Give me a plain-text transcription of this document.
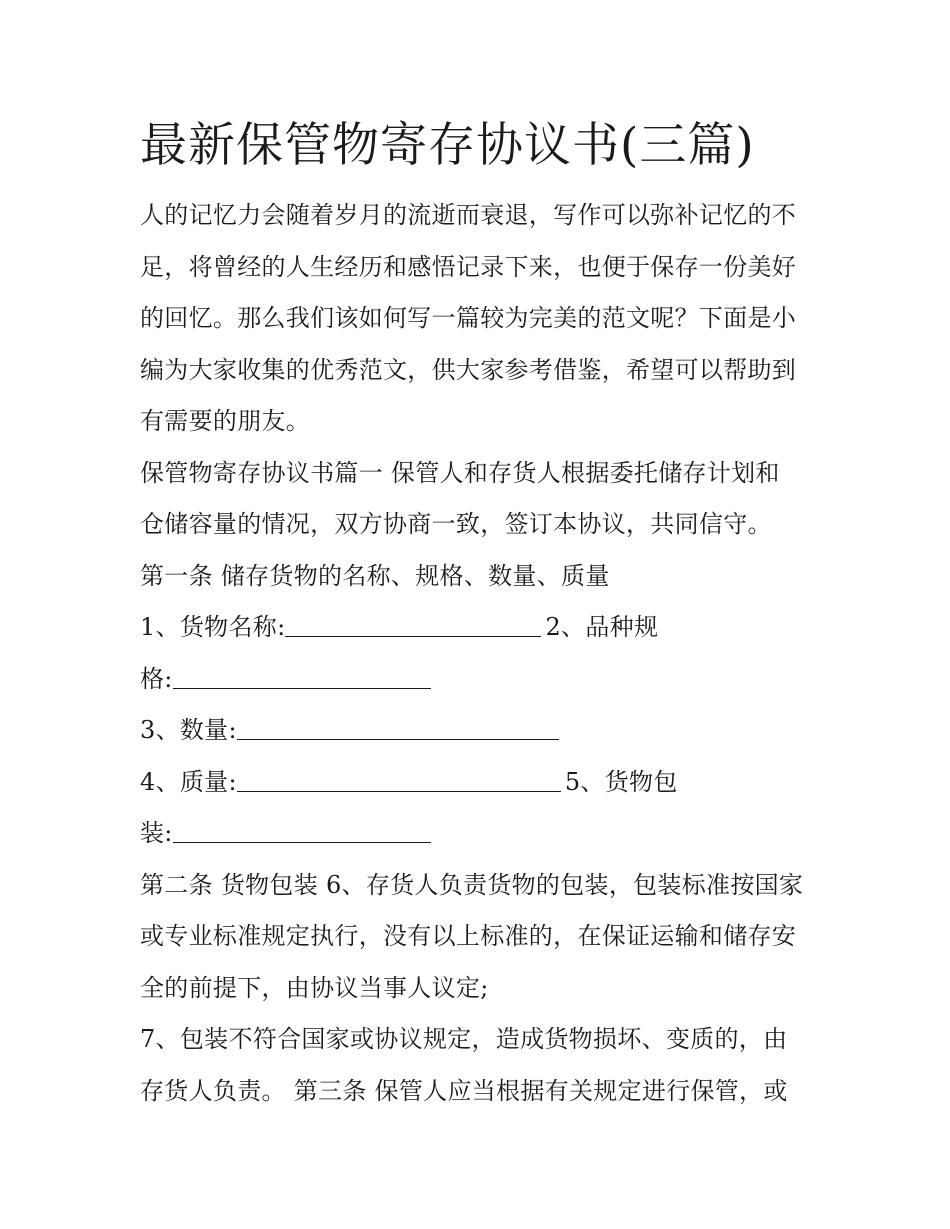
最新保管物寄存协议书(三篇)
人的记忆力会随着岁月的流逝而衰退，写作可以弥补记忆的不
足，将曾经的人生经历和感悟记录下来，也便于保存一份美好
的回忆。那么我们该如何写一篇较为完美的范文呢？下面是小
编为大家收集的优秀范文，供大家参考借鉴，希望可以帮助到
有需要的朋友。
保管物寄存协议书篇一 保管人和存货人根据委托储存计划和
仓储容量的情况，双方协商一致，签订本协议，共同信守。
第一条 储存货物的名称、规格、数量、质量
1、货物名称:	2、品种规
格:
3、数量:
4、质量:	5、货物包
装:
第二条 货物包装 6、存货人负责货物的包装，包装标准按国家
或专业标准规定执行，没有以上标准的，在保证运输和储存安
全的前提下，由协议当事人议定;
7、包装不符合国家或协议规定，造成货物损坏、变质的，由
存货人负责。 第三条 保管人应当根据有关规定进行保管，或
